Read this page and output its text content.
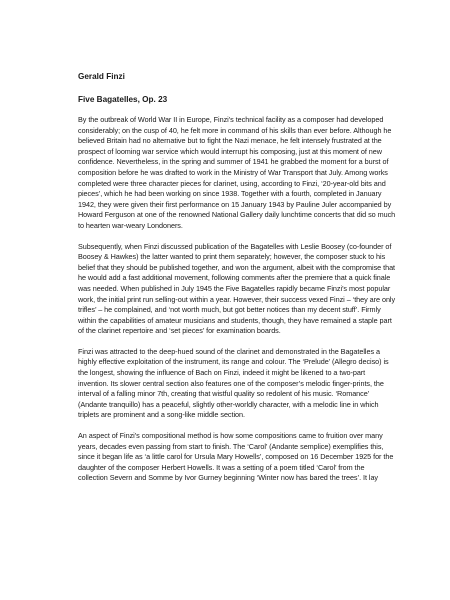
Gerald Finzi
Five Bagatelles, Op. 23

By the outbreak of World War II in Europe, Finzi’s technical facility as a composer had developed considerably; on the cusp of 40, he felt more in command of his skills than ever before. Although he believed Britain had no alternative but to fight the Nazi menace, he felt intensely frustrated at the prospect of looming war service which would interrupt his composing, just at this moment of new confidence. Nevertheless, in the spring and summer of 1941 he grabbed the moment for a burst of composition before he was drafted to work in the Ministry of War Transport that July. Among works completed were three character pieces for clarinet, using, according to Finzi, ‘20-year-old bits and pieces’, which he had been working on since 1938. Together with a fourth, completed in January 1942, they were given their first performance on 15 January 1943 by Pauline Juler accompanied by Howard Ferguson at one of the renowned National Gallery daily lunchtime concerts that did so much to hearten war-weary Londoners.

Subsequently, when Finzi discussed publication of the Bagatelles with Leslie Boosey (co-founder of Boosey & Hawkes) the latter wanted to print them separately; however, the composer stuck to his belief that they should be published together, and won the argument, albeit with the compromise that he would add a fast additional movement, following comments after the premiere that a quick finale was needed. When published in July 1945 the Five Bagatelles rapidly became Finzi’s most popular work, the initial print run selling-out within a year. However, their success vexed Finzi – ‘they are only trifles’ – he complained, and ‘not worth much, but got better notices than my decent stuff’. Firmly within the capabilities of amateur musicians and students, though, they have remained a staple part of the clarinet repertoire and ‘set pieces’ for examination boards.

Finzi was attracted to the deep-hued sound of the clarinet and demonstrated in the Bagatelles a highly effective exploitation of the instrument, its range and colour. The ‘Prelude’ (Allegro deciso) is the longest, showing the influence of Bach on Finzi, indeed it might be likened to a two-part invention. Its slower central section also features one of the composer’s melodic finger-prints, the interval of a falling minor 7th, creating that wistful quality so redolent of his music. ‘Romance’ (Andante tranquillo) has a peaceful, slightly other-worldly character, with a melodic line in which triplets are prominent and a song-like middle section.

An aspect of Finzi’s compositional method is how some compositions came to fruition over many years, decades even passing from start to finish. The ‘Carol’ (Andante semplice) exemplifies this, since it began life as ‘a little carol for Ursula Mary Howells’, composed on 16 December 1925 for the daughter of the composer Herbert Howells. It was a setting of a poem titled ‘Carol’ from the collection Severn and Somme by Ivor Gurney beginning ‘Winter now has bared the trees’. It lay
